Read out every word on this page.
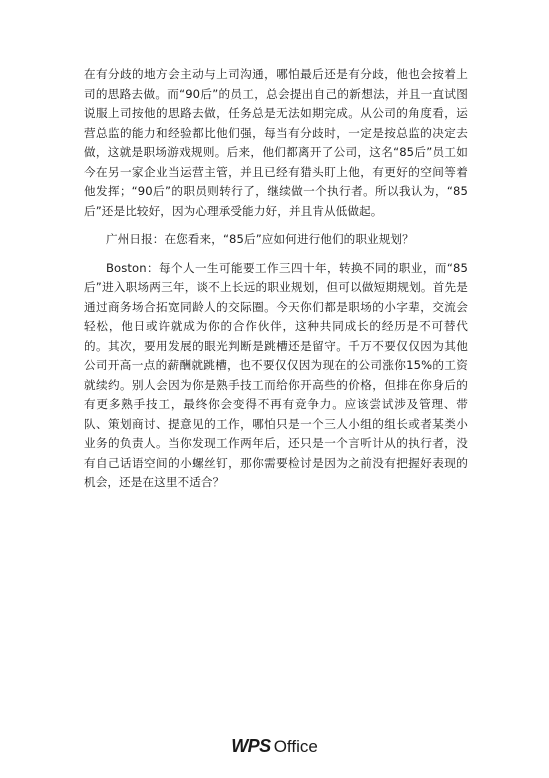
在有分歧的地方会主动与上司沟通，哪怕最后还是有分歧，他也会按着上司的思路去做。而“90后”的员工，总会提出自己的新想法，并且一直试图说服上司按他的思路去做，任务总是无法如期完成。从公司的角度看，运营总监的能力和经验都比他们强，每当有分歧时，一定是按总监的决定去做，这就是职场游戏规则。后来，他们都离开了公司，这名“85后”员工如今在另一家企业当运营主管，并且已经有猎头盯上他，有更好的空间等着他发挥；“90后”的职员则转行了，继续做一个执行者。所以我认为，“85后”还是比较好，因为心理承受能力好，并且肯从低做起。

广州日报：在您看来，“85后”应如何进行他们的职业规划？

Boston：每个人一生可能要工作三四十年，转换不同的职业，而“85后”进入职场两三年，谈不上长远的职业规划，但可以做短期规划。首先是通过商务场合拓宽同龄人的交际圈。今天你们都是职场的小字辈，交流会轻松，他日或许就成为你的合作伙伴，这种共同成长的经历是不可替代的。其次，要用发展的眼光判断是跳槽还是留守。千万不要仅仅因为其他公司开高一点的薪酬就跳槽，也不要仅仅因为现在的公司涨你15%的工资就续约。别人会因为你是熟手技工而给你开高些的价格，但排在你身后的有更多熟手技工，最终你会变得不再有竞争力。应该尝试涉及管理、带队、策划商讨、提意见的工作，哪怕只是一个三人小组的组长或者某类小业务的负责人。当你发现工作两年后，还只是一个言听计从的执行者，没有自己话语空间的小螺丝钉，那你需要检讨是因为之前没有把握好表现的机会，还是在这里不适合？

WPS Office
